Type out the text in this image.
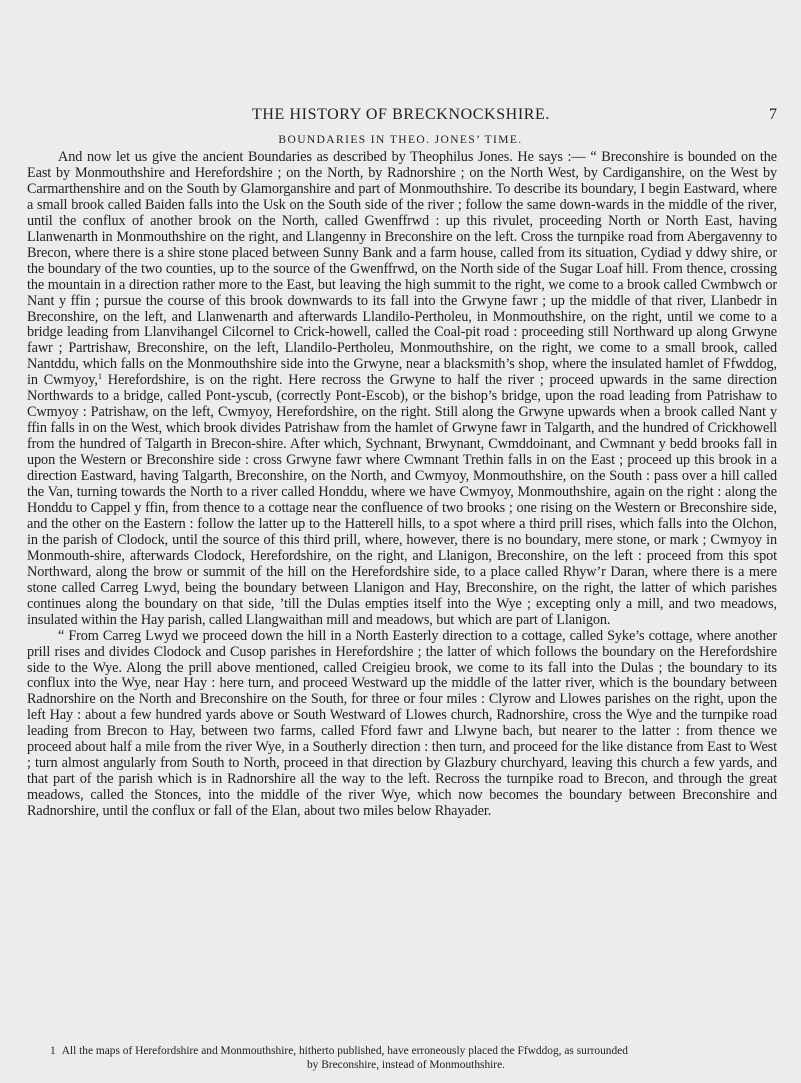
THE HISTORY OF BRECKNOCKSHIRE.	7
BOUNDARIES IN THEO. JONES’ TIME.

And now let us give the ancient Boundaries as described by Theophilus Jones. He says :— “ Breconshire is bounded on the East by Monmouthshire and Herefordshire ; on the North, by Radnorshire ; on the North West, by Cardiganshire, on the West by Carmarthenshire and on the South by Glamorganshire and part of Monmouthshire. To describe its boundary, I begin Eastward, where a small brook called Baiden falls into the Usk on the South side of the river ; follow the same down-wards in the middle of the river, until the conflux of another brook on the North, called Gwenffrwd : up this rivulet, proceeding North or North East, having Llanwenarth in Monmouthshire on the right, and Llangenny in Breconshire on the left. Cross the turnpike road from Abergavenny to Brecon, where there is a shire stone placed between Sunny Bank and a farm house, called from its situation, Cydiad y ddwy shire, or the boundary of the two counties, up to the source of the Gwenffrwd, on the North side of the Sugar Loaf hill. From thence, crossing the mountain in a direction rather more to the East, but leaving the high summit to the right, we come to a brook called Cwmbwch or Nant y ffin ; pursue the course of this brook downwards to its fall into the Grwyne fawr ; up the middle of that river, Llanbedr in Breconshire, on the left, and Llanwenarth and afterwards Llandilo-Pertholeu, in Monmouthshire, on the right, until we come to a bridge leading from Llanvihangel Cilcornel to Crick-howell, called the Coal-pit road : proceeding still Northward up along Grwyne fawr ; Partrishaw, Breconshire, on the left, Llandilo-Pertholeu, Monmouthshire, on the right, we come to a small brook, called Nantddu, which falls on the Monmouthshire side into the Grwyne, near a blacksmith’s shop, where the insulated hamlet of Ffwddog, in Cwmyoy,$^1$ Herefordshire, is on the right. Here recross the Grwyne to half the river ; proceed upwards in the same direction Northwards to a bridge, called Pont-yscub, (correctly Pont-Escob), or the bishop’s bridge, upon the road leading from Patrishaw to Cwmyoy : Patrishaw, on the left, Cwmyoy, Herefordshire, on the right. Still along the Grwyne upwards when a brook called Nant y ffin falls in on the West, which brook divides Patrishaw from the hamlet of Grwyne fawr in Talgarth, and the hundred of Crickhowell from the hundred of Talgarth in Brecon-shire. After which, Sychnant, Brwynant, Cwmddoinant, and Cwmnant y bedd brooks fall in upon the Western or Breconshire side : cross Grwyne fawr where Cwmnant Trethin falls in on the East ; proceed up this brook in a direction Eastward, having Talgarth, Breconshire, on the North, and Cwmyoy, Monmouthshire, on the South : pass over a hill called the Van, turning towards the North to a river called Honddu, where we have Cwmyoy, Monmouthshire, again on the right : along the Honddu to Cappel y ffin, from thence to a cottage near the confluence of two brooks ; one rising on the Western or Breconshire side, and the other on the Eastern : follow the latter up to the Hatterell hills, to a spot where a third prill rises, which falls into the Olchon, in the parish of Clodock, until the source of this third prill, where, however, there is no boundary, mere stone, or mark ; Cwmyoy in Monmouth-shire, afterwards Clodock, Herefordshire, on the right, and Llanigon, Breconshire, on the left : proceed from this spot Northward, along the brow or summit of the hill on the Herefordshire side, to a place called Rhyw’r Daran, where there is a mere stone called Carreg Lwyd, being the boundary between Llanigon and Hay, Breconshire, on the right, the latter of which parishes continues along the boundary on that side, ’till the Dulas empties itself into the Wye ; excepting only a mill, and two meadows, insulated within the Hay parish, called Llangwaithan mill and meadows, but which are part of Llanigon.

“ From Carreg Lwyd we proceed down the hill in a North Easterly direction to a cottage, called Syke’s cottage, where another prill rises and divides Clodock and Cusop parishes in Herefordshire ; the latter of which follows the boundary on the Herefordshire side to the Wye. Along the prill above mentioned, called Creigieu brook, we come to its fall into the Dulas ; the boundary to its conflux into the Wye, near Hay : here turn, and proceed Westward up the middle of the latter river, which is the boundary between Radnorshire on the North and Breconshire on the South, for three or four miles : Clyrow and Llowes parishes on the right, upon the left Hay : about a few hundred yards above or South Westward of Llowes church, Radnorshire, cross the Wye and the turnpike road leading from Brecon to Hay, between two farms, called Fford fawr and Llwyne bach, but nearer to the latter : from thence we proceed about half a mile from the river Wye, in a Southerly direction : then turn, and proceed for the like distance from East to West ; turn almost angularly from South to North, proceed in that direction by Glazbury churchyard, leaving this church a few yards, and that part of the parish which is in Radnorshire all the way to the left. Recross the turnpike road to Brecon, and through the great meadows, called the Stonces, into the middle of the river Wye, which now becomes the boundary between Breconshire and Radnorshire, until the conflux or fall of the Elan, about two miles below Rhayader.

1 All the maps of Herefordshire and Monmouthshire, hitherto published, have erroneously placed the Ffwddog, as surrounded
by Breconshire, instead of Monmouthshire.
